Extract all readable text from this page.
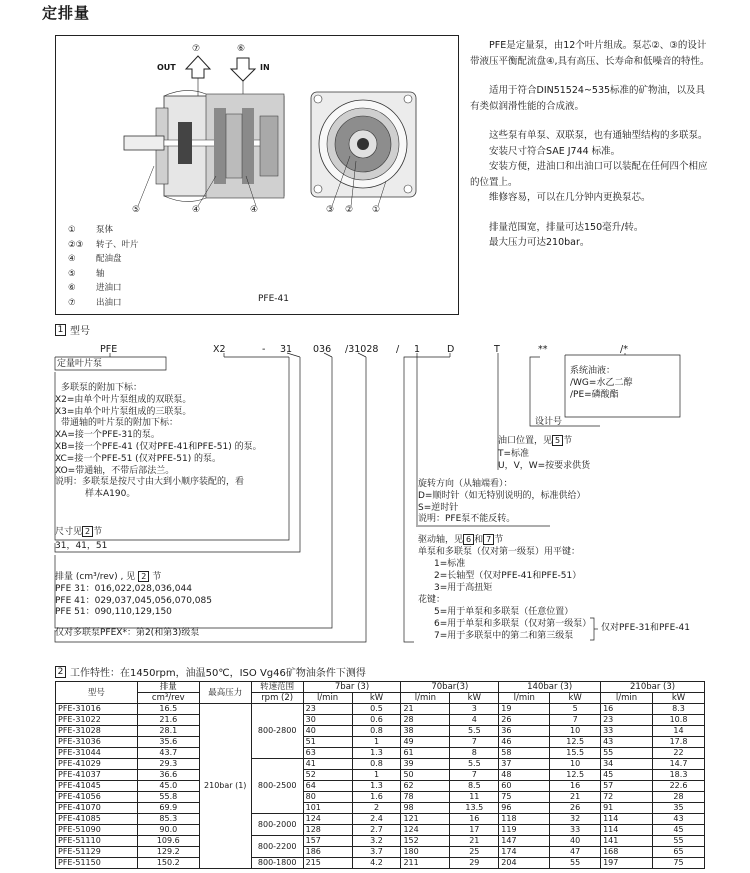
定排量
⑦	⑥
OUT	IN
⑤	④	④	③ ② ①
① 泵体
②③ 转子、叶片
④ 配油盘
⑤ 轴
⑥ 进油口
⑦ 出油口	PFE-41

PFE是定量泵，由12个叶片组成。泵芯②、③的设计带液压平衡配流盘④,具有高压、长寿命和低噪音的特性。

适用于符合DIN51524~535标准的矿物油，以及具有类似润滑性能的合成液。

这些泵有单泵、双联泵，也有通轴型结构的多联泵。

安装尺寸符合SAE J744 标准。

安装方便，进油口和出油口可以装配在任何四个相应的位置上。

维修容易，可以在几分钟内更换泵芯。

排量范围宽，排量可达150毫升/转。

最大压力可达210bar。

1 型号
PFE	X2	- 31 036 /31028 / 1	D	T	**	/*
定量叶片泵
多联泵的附加下标：
X2=由单个叶片泵组成的双联泵。
X3=由单个叶片泵组成的三联泵。
带通轴的叶片泵的附加下标：
XA=接一个PFE-31的泵。
XB=接一个PFE-41 (仅对PFE-41和PFE-51) 的泵。
XC=接一个PFE-51 (仅对PFE-51) 的泵。
XO=带通轴，不带后部法兰。
说明：多联泵是按尺寸由大到小顺序装配的，看
样本A190。
尺寸见 2 节
31，41，51
排量 (cm³/rev) , 见 2 节
PFE 31：016,022,028,036,044
PFE 41：029,037,045,056,070,085
PFE 51：090,110,129,150
仅对多联泵PFEX*：第2(和第3)级泵
系统油液：
/WG=水乙二醇
/PE=磷酸酯
设计号
油口位置，见 5 节
T=标准
U，V，W=按要求供货
旋转方向（从轴端看）：
D=顺时针（如无特别说明的，标准供给）
S=逆时针
说明：PFE泵不能反转。
驱动轴，见 6 和 7 节
单泵和多联泵（仅对第一级泵）用平键：
1=标准
2=长轴型（仅对PFE-41和PFE-51）
3=用于高扭矩
花键：
5=用于单泵和多联泵（任意位置）
6=用于单泵和多联泵（仅对第一级泵）
7=用于多联泵中的第二和第三级泵
仅对PFE-31和PFE-41
2 工作特性：在1450rpm，油温50℃，ISO Vg46矿物油条件下测得
型号	排量	最高压力	转速范围	7bar (3)		70bar(3)		140bar (3)		210bar (3)	
	cm³/rev		rpm (2)	l/min	kW	l/min	kW	l/min	kW	l/min	kW
PFE-31016	16.5	210bar (1)	800-2800	23	0.5	21	3	19	5	16	8.3
PFE-31022	21.6			30	0.6	28	4	26	7	23	10.8
PFE-31028	28.1			40	0.8	38	5.5	36	10	33	14
PFE-31036	35.6			51	1	49	7	46	12.5	43	17.8
PFE-31044	43.7			63	1.3	61	8	58	15.5	55	22
PFE-41029	29.3		800-2500	41	0.8	39	5.5	37	10	34	14.7
PFE-41037	36.6			52	1	50	7	48	12.5	45	18.3
PFE-41045	45.0			64	1.3	62	8.5	60	16	57	22.6
PFE-41056	55.8			80	1.6	78	11	75	21	72	28
PFE-41070	69.9			101	2	98	13.5	96	26	91	35
PFE-41085	85.3		800-2000	124	2.4	121	16	118	32	114	43
PFE-51090	90.0			128	2.7	124	17	119	33	114	45
PFE-51110	109.6		800-2200	157	3.2	152	21	147	40	141	55
PFE-51129	129.2			186	3.7	180	25	174	47	168	65
PFE-51150	150.2		800-1800	215	4.2	211	29	204	55	197	75
